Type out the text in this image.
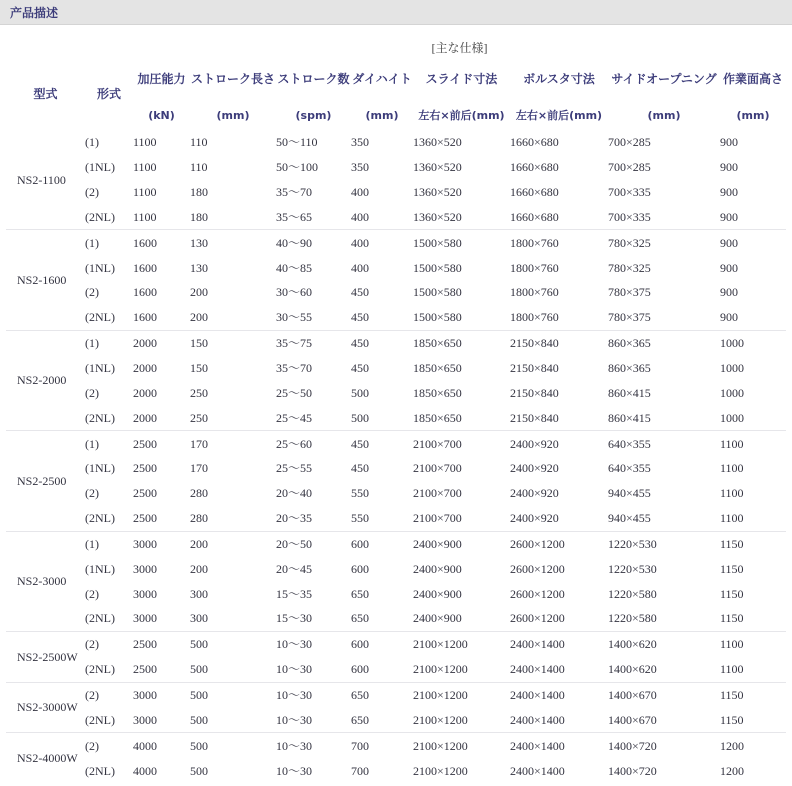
产品描述
		[主な仕様]							
型式	形式	加圧能力	ストローク長さ	ストローク数	ダイハイト	スライド寸法	ボルスタ寸法	サイドオープニング	作業面高さ
		(kN)	(mm)	(spm)	(mm)	左右×前后(mm)	左右×前后(mm)	(mm)	(mm)
NS2-1100	(1)	1100	110	50～110	350	1360×520	1660×680	700×285	900
	(1NL)	1100	110	50～100	350	1360×520	1660×680	700×285	900
	(2)	1100	180	35～70	400	1360×520	1660×680	700×335	900
	(2NL)	1100	180	35～65	400	1360×520	1660×680	700×335	900
NS2-1600	(1)	1600	130	40～90	400	1500×580	1800×760	780×325	900
	(1NL)	1600	130	40～85	400	1500×580	1800×760	780×325	900
	(2)	1600	200	30～60	450	1500×580	1800×760	780×375	900
	(2NL)	1600	200	30～55	450	1500×580	1800×760	780×375	900
NS2-2000	(1)	2000	150	35～75	450	1850×650	2150×840	860×365	1000
	(1NL)	2000	150	35～70	450	1850×650	2150×840	860×365	1000
	(2)	2000	250	25～50	500	1850×650	2150×840	860×415	1000
	(2NL)	2000	250	25～45	500	1850×650	2150×840	860×415	1000
NS2-2500	(1)	2500	170	25～60	450	2100×700	2400×920	640×355	1100
	(1NL)	2500	170	25～55	450	2100×700	2400×920	640×355	1100
	(2)	2500	280	20～40	550	2100×700	2400×920	940×455	1100
	(2NL)	2500	280	20～35	550	2100×700	2400×920	940×455	1100
NS2-3000	(1)	3000	200	20～50	600	2400×900	2600×1200	1220×530	1150
	(1NL)	3000	200	20～45	600	2400×900	2600×1200	1220×530	1150
	(2)	3000	300	15～35	650	2400×900	2600×1200	1220×580	1150
	(2NL)	3000	300	15～30	650	2400×900	2600×1200	1220×580	1150
NS2-2500W	(2)	2500	500	10～30	600	2100×1200	2400×1400	1400×620	1100
	(2NL)	2500	500	10～30	600	2100×1200	2400×1400	1400×620	1100
NS2-3000W	(2)	3000	500	10～30	650	2100×1200	2400×1400	1400×670	1150
	(2NL)	3000	500	10～30	650	2100×1200	2400×1400	1400×670	1150
NS2-4000W	(2)	4000	500	10～30	700	2100×1200	2400×1400	1400×720	1200
	(2NL)	4000	500	10～30	700	2100×1200	2400×1400	1400×720	1200
